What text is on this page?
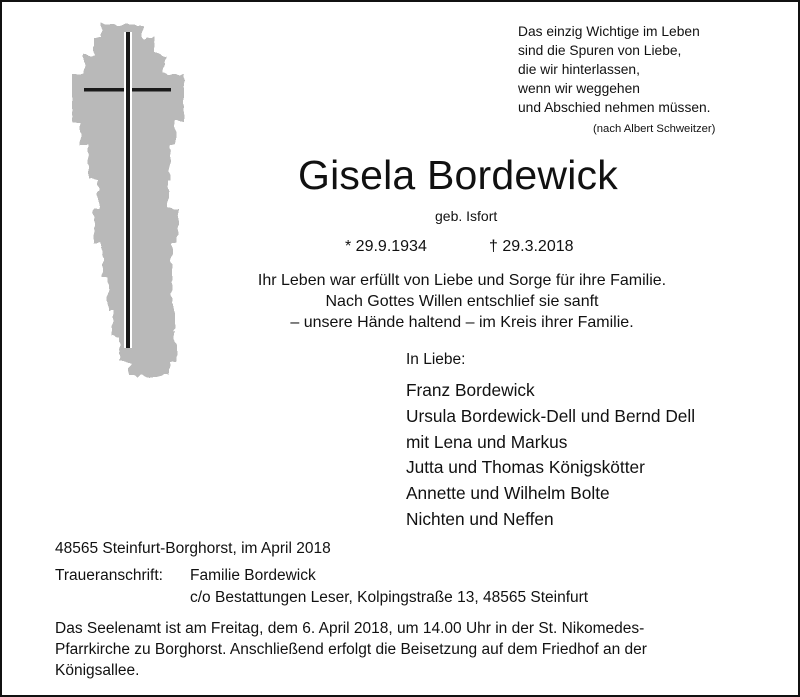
Das einzig Wichtige im Leben
sind die Spuren von Liebe,
die wir hinterlassen,
wenn wir weggehen
und Abschied nehmen müssen.
(nach Albert Schweitzer)
Gisela Bordewick
geb. Isfort
* 29.9.1934	† 29.3.2018
Ihr Leben war erfüllt von Liebe und Sorge für ihre Familie.
Nach Gottes Willen entschlief sie sanft
– unsere Hände haltend – im Kreis ihrer Familie.
In Liebe:
Franz Bordewick
Ursula Bordewick-Dell und Bernd Dell
mit Lena und Markus
Jutta und Thomas Königskötter
Annette und Wilhelm Bolte
Nichten und Neffen
48565 Steinfurt-Borghorst, im April 2018
Traueranschrift: Familie Bordewick
c/o Bestattungen Leser, Kolpingstraße 13, 48565 Steinfurt
Das Seelenamt ist am Freitag, dem 6. April 2018, um 14.00 Uhr in der St. Nikomedes-
Pfarrkirche zu Borghorst. Anschließend erfolgt die Beisetzung auf dem Friedhof an der
Königsallee.
